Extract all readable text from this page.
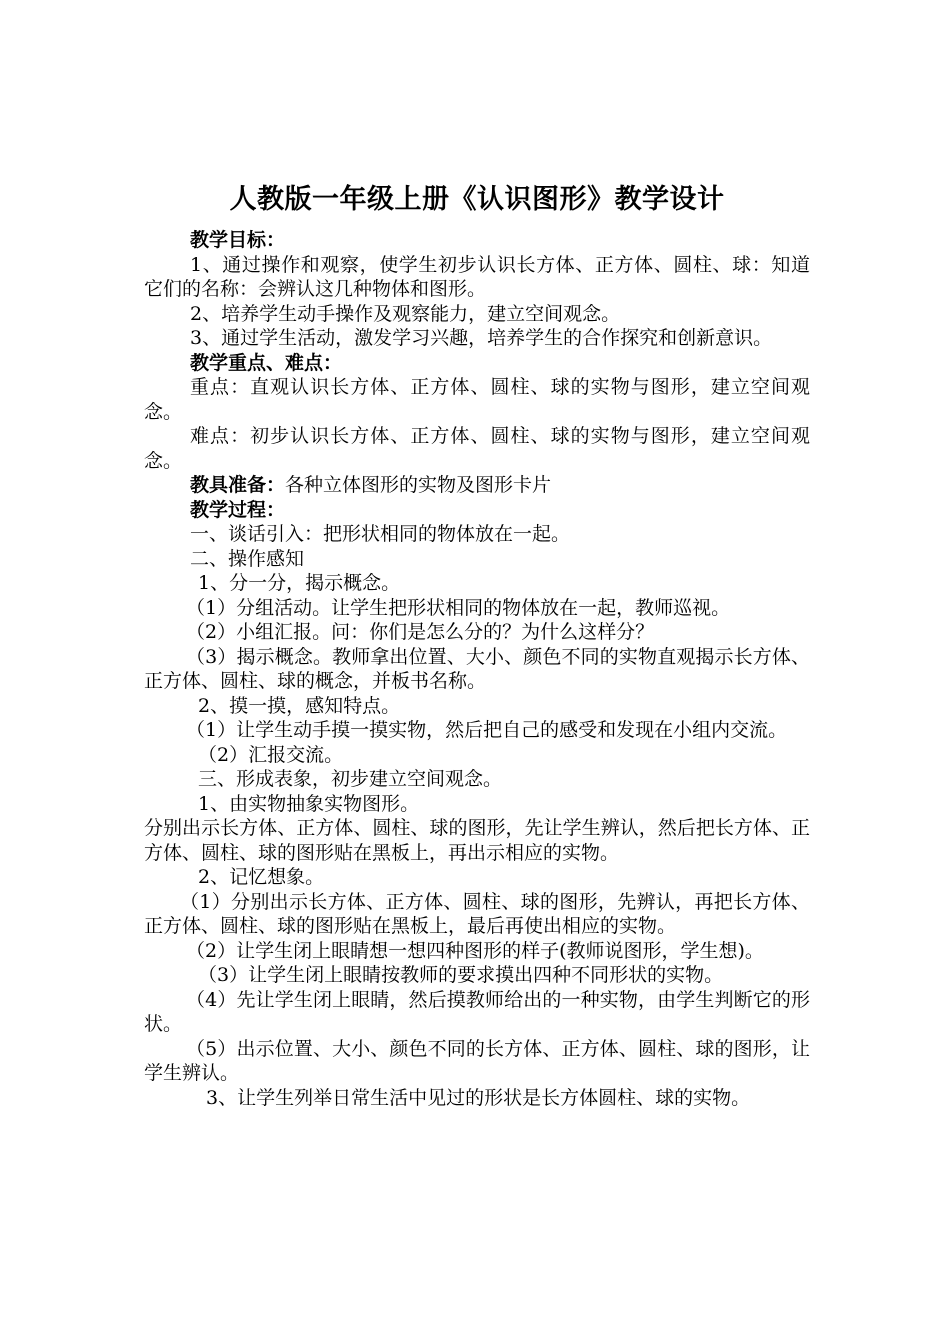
人教版一年级上册《认识图形》教学设计

教学目标：

1、通过操作和观察，使学生初步认识长方体、正方体、圆柱、球：知道它们的名称：会辨认这几种物体和图形。

2、培养学生动手操作及观察能力，建立空间观念。

3、通过学生活动，激发学习兴趣，培养学生的合作探究和创新意识。

教学重点、难点：

重点：直观认识长方体、正方体、圆柱、球的实物与图形，建立空间观念。

难点：初步认识长方体、正方体、圆柱、球的实物与图形，建立空间观念。

教具准备：各种立体图形的实物及图形卡片

教学过程：

一、谈话引入：把形状相同的物体放在一起。

二、操作感知

1、分一分，揭示概念。

（1）分组活动。让学生把形状相同的物体放在一起，教师巡视。

（2）小组汇报。问：你们是怎么分的？为什么这样分？

（3）揭示概念。教师拿出位置、大小、颜色不同的实物直观揭示长方体、正方体、圆柱、球的概念，并板书名称。

2、摸一摸，感知特点。

（1）让学生动手摸一摸实物，然后把自己的感受和发现在小组内交流。

（2）汇报交流。

三、形成表象，初步建立空间观念。

1、由实物抽象实物图形。

分别出示长方体、正方体、圆柱、球的图形，先让学生辨认，然后把长方体、正方体、圆柱、球的图形贴在黑板上，再出示相应的实物。

2、记忆想象。

（1）分别出示长方体、正方体、圆柱、球的图形，先辨认，再把长方体、正方体、圆柱、球的图形贴在黑板上，最后再使出相应的实物。

（2）让学生闭上眼睛想一想四种图形的样子(教师说图形，学生想)。

（3）让学生闭上眼睛按教师的要求摸出四种不同形状的实物。

（4）先让学生闭上眼睛，然后摸教师给出的一种实物，由学生判断它的形状。

（5）出示位置、大小、颜色不同的长方体、正方体、圆柱、球的图形，让学生辨认。

3、让学生列举日常生活中见过的形状是长方体圆柱、球的实物。
